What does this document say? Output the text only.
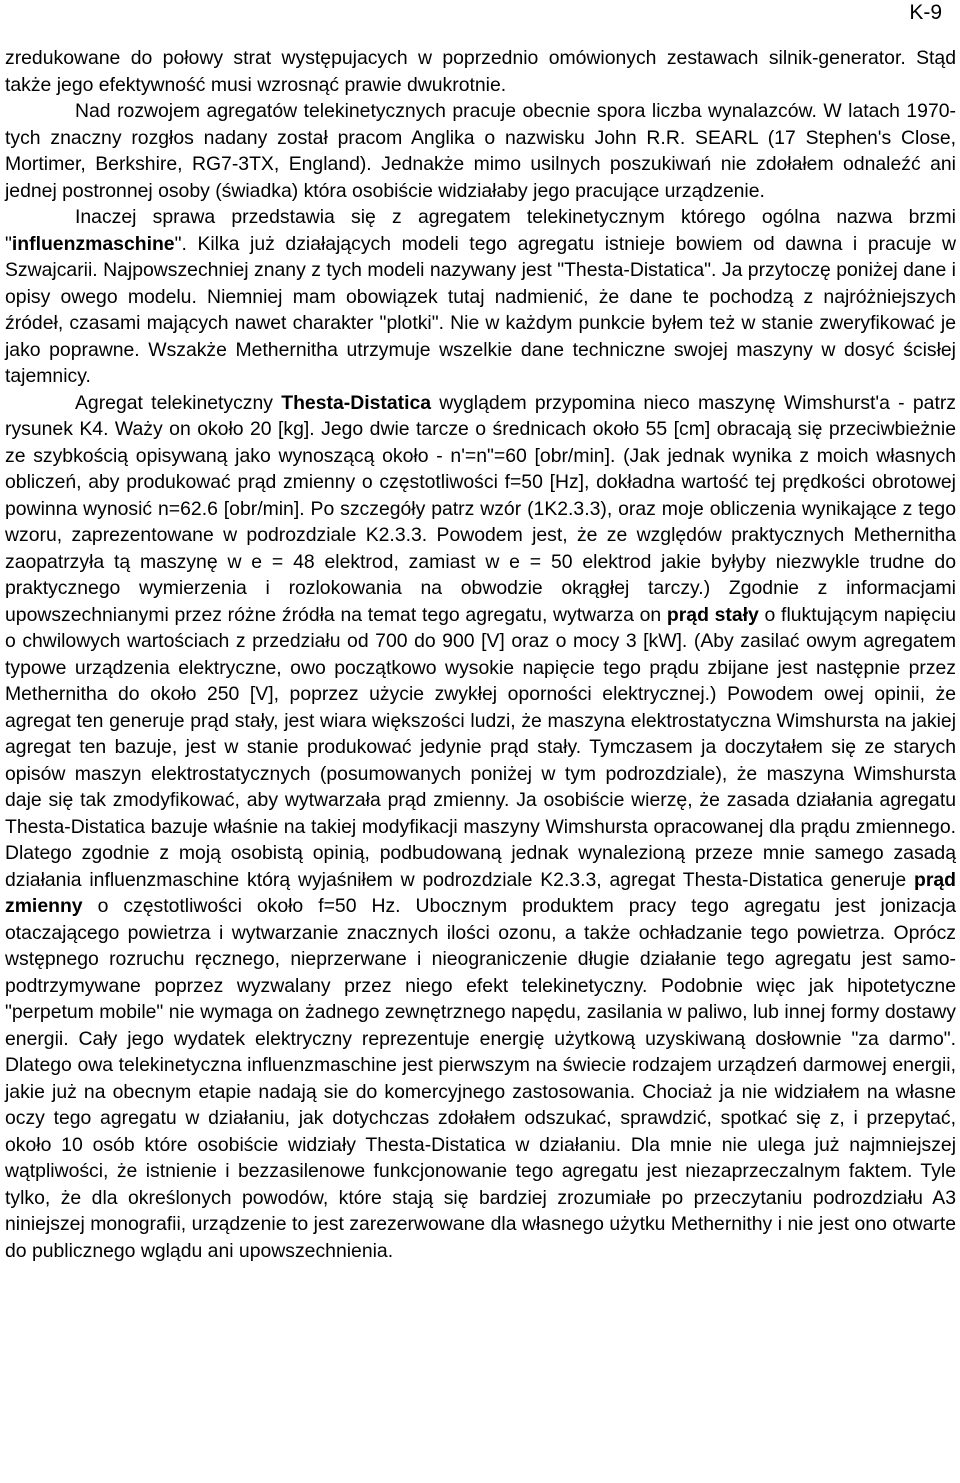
K-9

zredukowane do połowy strat występujacych w poprzednio omówionych zestawach silnik-generator. Stąd także jego efektywność musi wzrosnąć prawie dwukrotnie.

Nad rozwojem agregatów telekinetycznych pracuje obecnie spora liczba wynalazców. W latach 1970-tych znaczny rozgłos nadany został pracom Anglika o nazwisku John R.R. SEARL (17 Stephen's Close, Mortimer, Berkshire, RG7-3TX, England). Jednakże mimo usilnych poszukiwań nie zdołałem odnaleźć ani jednej postronnej osoby (świadka) która osobiście widziałaby jego pracujące urządzenie.

Inaczej sprawa przedstawia się z agregatem telekinetycznym którego ogólna nazwa brzmi "influenzmaschine". Kilka już działających modeli tego agregatu istnieje bowiem od dawna i pracuje w Szwajcarii. Najpowszechniej znany z tych modeli nazywany jest "Thesta-Distatica". Ja przytoczę poniżej dane i opisy owego modelu. Niemniej mam obowiązek tutaj nadmienić, że dane te pochodzą z najróżniejszych źródeł, czasami mających nawet charakter "plotki". Nie w każdym punkcie byłem też w stanie zweryfikować je jako poprawne. Wszakże Methernitha utrzymuje wszelkie dane techniczne swojej maszyny w dosyć ścisłej tajemnicy.

Agregat telekinetyczny Thesta-Distatica wyglądem przypomina nieco maszynę Wimshurst'a - patrz rysunek K4. Waży on około 20 [kg]. Jego dwie tarcze o średnicach około 55 [cm] obracają się przeciwbieżnie ze szybkością opisywaną jako wynoszącą około - n'=n"=60 [obr/min]. (Jak jednak wynika z moich własnych obliczeń, aby produkować prąd zmienny o częstotliwości f=50 [Hz], dokładna wartość tej prędkości obrotowej powinna wynosić n=62.6 [obr/min]. Po szczegóły patrz wzór (1K2.3.3), oraz moje obliczenia wynikające z tego wzoru, zaprezentowane w podrozdziale K2.3.3. Powodem jest, że ze względów praktycznych Methernitha zaopatrzyła tą maszynę w e = 48 elektrod, zamiast w e = 50 elektrod jakie byłyby niezwykle trudne do praktycznego wymierzenia i rozlokowania na obwodzie okrągłej tarczy.) Zgodnie z informacjami upowszechnianymi przez różne źródła na temat tego agregatu, wytwarza on prąd stały o fluktującym napięciu o chwilowych wartościach z przedziału od 700 do 900 [V] oraz o mocy 3 [kW]. (Aby zasilać owym agregatem typowe urządzenia elektryczne, owo początkowo wysokie napięcie tego prądu zbijane jest następnie przez Methernitha do około 250 [V], poprzez użycie zwykłej oporności elektrycznej.) Powodem owej opinii, że agregat ten generuje prąd stały, jest wiara większości ludzi, że maszyna elektrostatyczna Wimshursta na jakiej agregat ten bazuje, jest w stanie produkować jedynie prąd stały. Tymczasem ja doczytałem się ze starych opisów maszyn elektrostatycznych (posumowanych poniżej w tym podrozdziale), że maszyna Wimshursta daje się tak zmodyfikować, aby wytwarzała prąd zmienny. Ja osobiście wierzę, że zasada działania agregatu Thesta-Distatica bazuje właśnie na takiej modyfikacji maszyny Wimshursta opracowanej dla prądu zmiennego. Dlatego zgodnie z moją osobistą opinią, podbudowaną jednak wynalezioną przeze mnie samego zasadą działania influenzmaschine którą wyjaśniłem w podrozdziale K2.3.3, agregat Thesta-Distatica generuje prąd zmienny o częstotliwości około f=50 Hz. Ubocznym produktem pracy tego agregatu jest jonizacja otaczającego powietrza i wytwarzanie znacznych ilości ozonu, a także ochładzanie tego powietrza. Oprócz wstępnego rozruchu ręcznego, nieprzerwane i nieograniczenie długie działanie tego agregatu jest samo-podtrzymywane poprzez wyzwalany przez niego efekt telekinetyczny. Podobnie więc jak hipotetyczne "perpetum mobile" nie wymaga on żadnego zewnętrznego napędu, zasilania w paliwo, lub innej formy dostawy energii. Cały jego wydatek elektryczny reprezentuje energię użytkową uzyskiwaną dosłownie "za darmo". Dlatego owa telekinetyczna influenzmaschine jest pierwszym na świecie rodzajem urządzeń darmowej energii, jakie już na obecnym etapie nadają sie do komercyjnego zastosowania. Chociaż ja nie widziałem na własne oczy tego agregatu w działaniu, jak dotychczas zdołałem odszukać, sprawdzić, spotkać się z, i przepytać, około 10 osób które osobiście widziały Thesta-Distatica w działaniu. Dla mnie nie ulega już najmniejszej wątpliwości, że istnienie i bezzasilenowe funkcjonowanie tego agregatu jest niezaprzeczalnym faktem. Tyle tylko, że dla określonych powodów, które stają się bardziej zrozumiałe po przeczytaniu podrozdziału A3 niniejszej monografii, urządzenie to jest zarezerwowane dla własnego użytku Methernithy i nie jest ono otwarte do publicznego wglądu ani upowszechnienia.
